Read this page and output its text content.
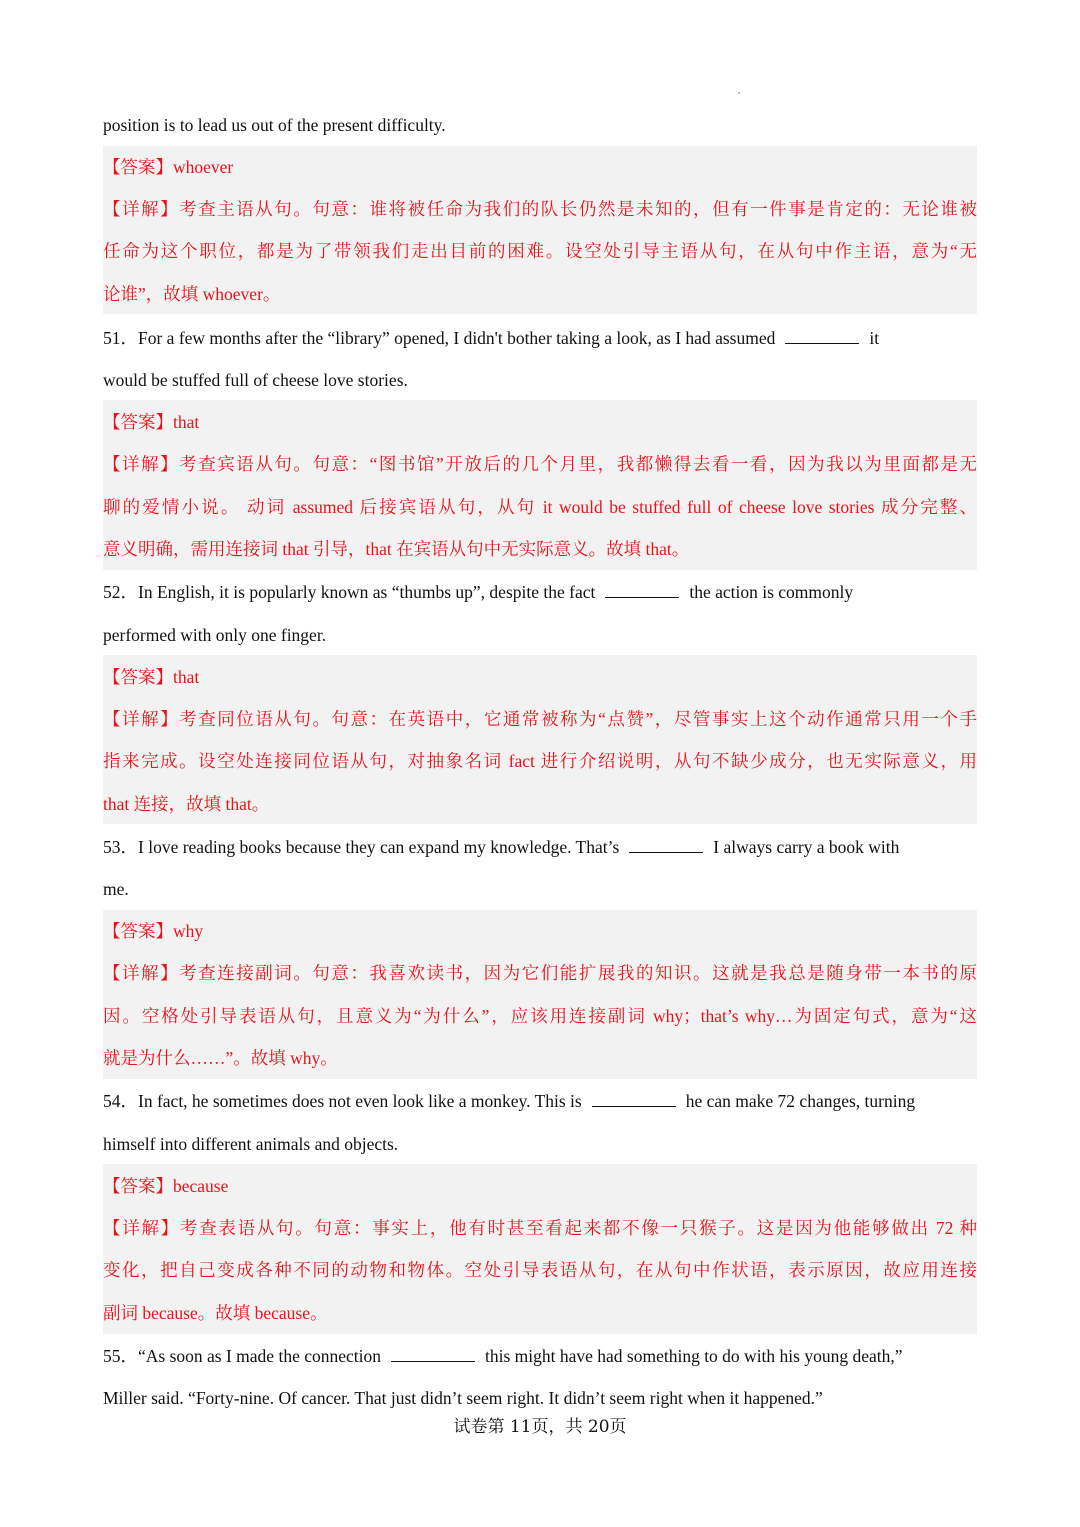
position is to lead us out of the present difficulty.
【答案】whoever
【详解】考查主语从句。句意：谁将被任命为我们的队长仍然是未知的，但有一件事是肯定的：无论谁被
任命为这个职位，都是为了带领我们走出目前的困难。设空处引导主语从句，在从句中作主语，意为“无
论谁”，故填 whoever。
51．For a few months after the “library” opened, I didn't bother taking a look, as I had assumed	it
would be stuffed full of cheese love stories.
【答案】that
【详解】考查宾语从句。句意：“图书馆”开放后的几个月里，我都懒得去看一看，因为我以为里面都是无
聊的爱情小说。 动词 assumed 后接宾语从句，从句 it would be stuffed full of cheese love stories 成分完整、
意义明确，需用连接词 that 引导，that 在宾语从句中无实际意义。故填 that。
52．In English, it is popularly known as “thumbs up”, despite the fact	the action is commonly
performed with only one finger.
【答案】that
【详解】考查同位语从句。句意：在英语中，它通常被称为“点赞”，尽管事实上这个动作通常只用一个手
指来完成。设空处连接同位语从句，对抽象名词 fact 进行介绍说明，从句不缺少成分，也无实际意义，用
that 连接，故填 that。
53．I love reading books because they can expand my knowledge. That’s	I always carry a book with
me.
【答案】why
【详解】考查连接副词。句意：我喜欢读书，因为它们能扩展我的知识。这就是我总是随身带一本书的原
因。空格处引导表语从句，且意义为“为什么”，应该用连接副词 why；that’s why…为固定句式，意为“这
就是为什么……”。故填 why。
54．In fact, he sometimes does not even look like a monkey. This is	he can make 72 changes, turning
himself into different animals and objects.
【答案】because
【详解】考查表语从句。句意：事实上，他有时甚至看起来都不像一只猴子。这是因为他能够做出 72 种
变化，把自己变成各种不同的动物和物体。空处引导表语从句，在从句中作状语，表示原因，故应用连接
副词 because。故填 because。
55．“As soon as I made the connection	this might have had something to do with his young death,”
Miller said. “Forty-nine. Of cancer. That just didn’t seem right. It didn’t seem right when it happened.”
试卷第 11页，共 20页
